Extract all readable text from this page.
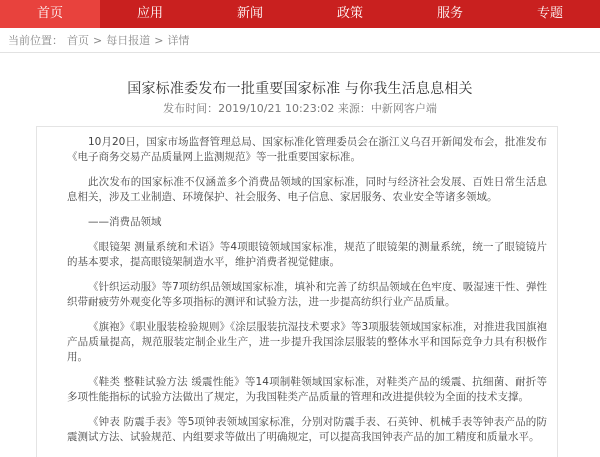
首页	应用	新闻	政策	服务	专题
当前位置： 首页 > 每日报道 > 详情
国家标准委发布一批重要国家标准 与你我生活息息相关
发布时间：2019/10/21 10:23:02 来源：中新网客户端

10月20日，国家市场监督管理总局、国家标准化管理委员会在浙江义乌召开新闻发布会，批准发布《电子商务交易产品质量网上监测规范》等一批重要国家标准。

此次发布的国家标准不仅涵盖多个消费品领域的国家标准，同时与经济社会发展、百姓日常生活息息相关，涉及工业制造、环境保护、社会服务、电子信息、家居服务、农业安全等诸多领域。

——消费品领域

《眼镜架 测量系统和术语》等4项眼镜领域国家标准，规范了眼镜架的测量系统，统一了眼镜镜片的基本要求，提高眼镜架制造水平，维护消费者视觉健康。

《针织运动服》等7项纺织品领域国家标准，填补和完善了纺织品领域在色牢度、吸湿速干性、弹性织带耐疲劳外观变化等多项指标的测评和试验方法，进一步提高纺织行业产品质量。

《旗袍》《职业服装检验规则》《涂层服装抗湿技术要求》等3项服装领域国家标准，对推进我国旗袍产品质量提高，规范服装定制企业生产，进一步提升我国涂层服装的整体水平和国际竞争力具有积极作用。

《鞋类 整鞋试验方法 缓震性能》等14项制鞋领域国家标准，对鞋类产品的缓震、抗细菌、耐折等多项性能指标的试验方法做出了规定，为我国鞋类产品质量的管理和改进提供较为全面的技术支撑。

《钟表 防震手表》等5项钟表领域国家标准，分别对防震手表、石英钟、机械手表等钟表产品的防震测试方法、试验规范、内组要求等做出了明确规定，可以提高我国钟表产品的加工精度和质量水平。
